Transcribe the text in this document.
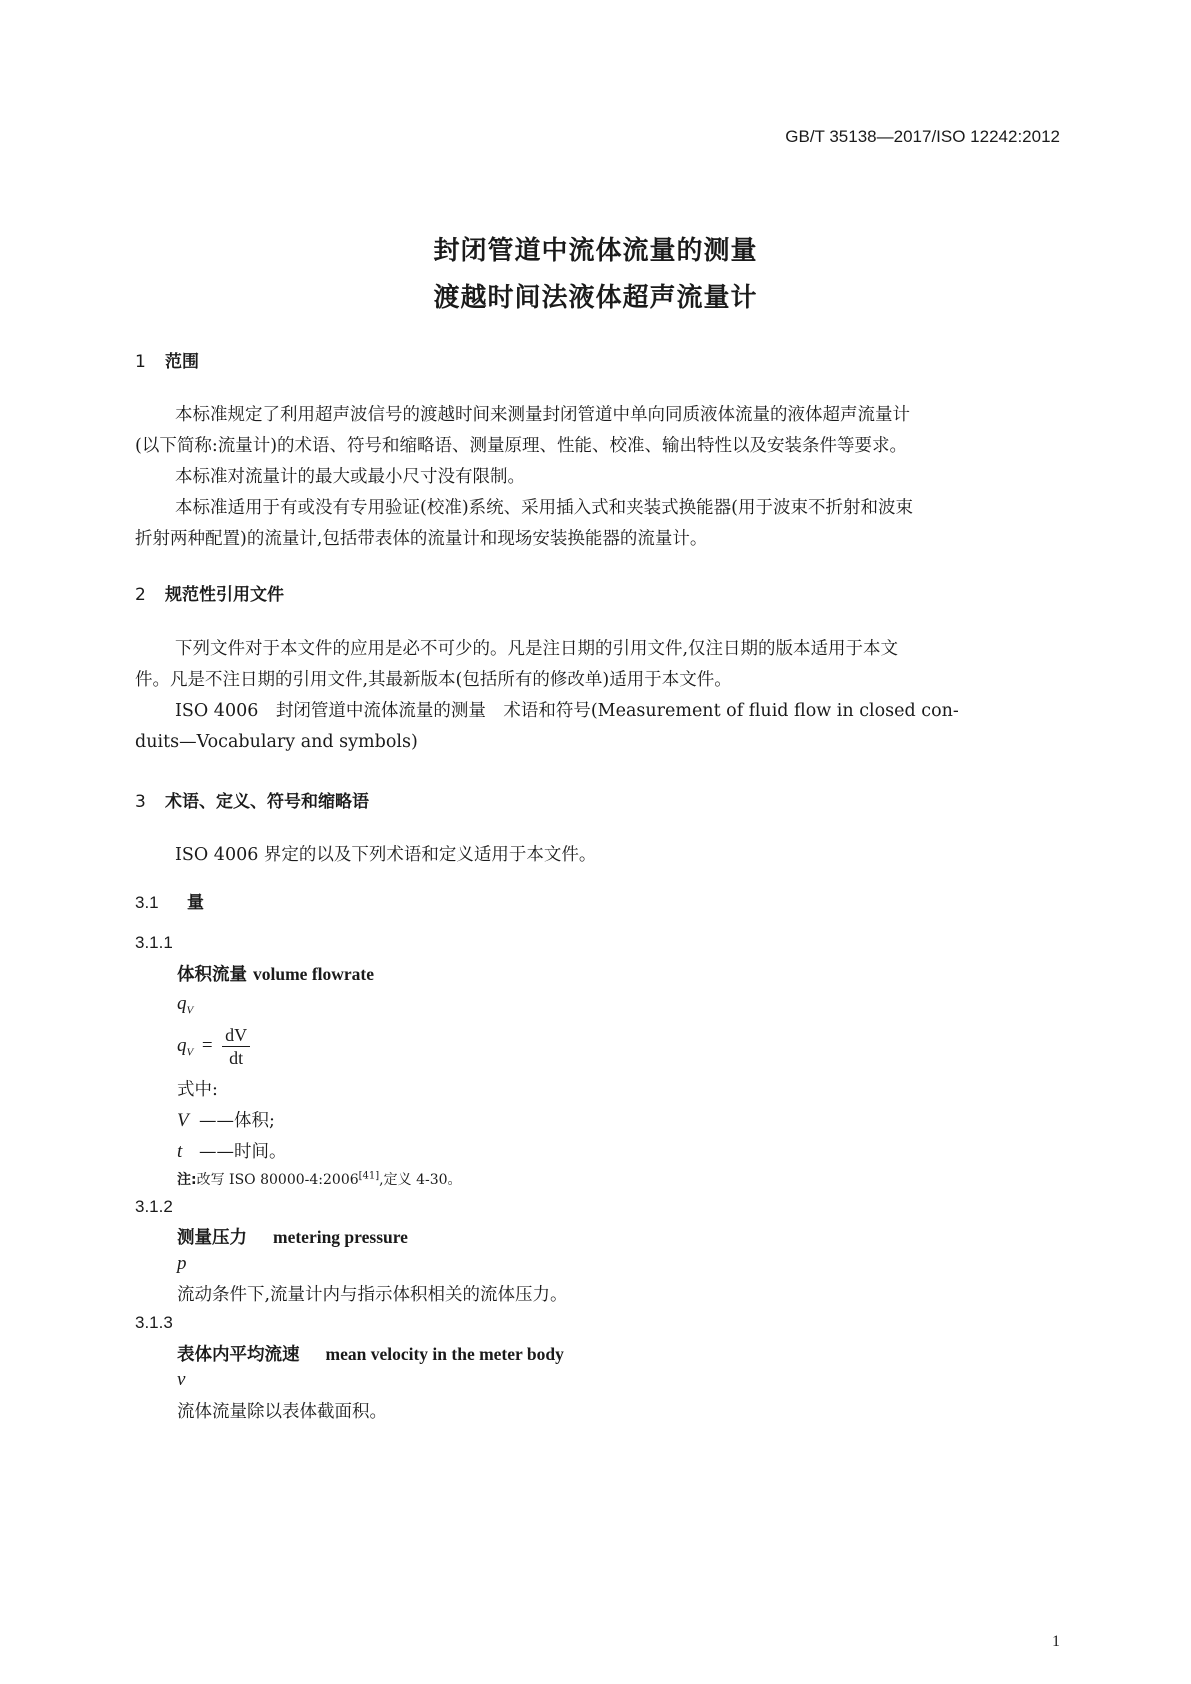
GB/T 35138—2017/ISO 12242:2012
封闭管道中流体流量的测量
渡越时间法液体超声流量计
1 范围
本标准规定了利用超声波信号的渡越时间来测量封闭管道中单向同质液体流量的液体超声流量计
(以下简称:流量计)的术语、符号和缩略语、测量原理、性能、校准、输出特性以及安装条件等要求。
本标准对流量计的最大或最小尺寸没有限制。
本标准适用于有或没有专用验证(校准)系统、采用插入式和夹装式换能器(用于波束不折射和波束
折射两种配置)的流量计,包括带表体的流量计和现场安装换能器的流量计。
2 规范性引用文件
下列文件对于本文件的应用是必不可少的。凡是注日期的引用文件,仅注日期的版本适用于本文
件。凡是不注日期的引用文件,其最新版本(包括所有的修改单)适用于本文件。
ISO 4006　封闭管道中流体流量的测量　术语和符号(Measurement of fluid flow in closed con-
duits—Vocabulary and symbols)
3 术语、定义、符号和缩略语
ISO 4006 界定的以及下列术语和定义适用于本文件。
3.1 量
3.1.1
体积流量 volume flowrate
$q_V$
$q_V = \frac{dV}{dt}$
式中:
V ——体积;
t ——时间。
注:改写 ISO 80000-4:2006[41],定义 4-30。
3.1.2
测量压力 metering pressure
p
流动条件下,流量计内与指示体积相关的流体压力。
3.1.3
表体内平均流速 mean velocity in the meter body
v
流体流量除以表体截面积。
1
